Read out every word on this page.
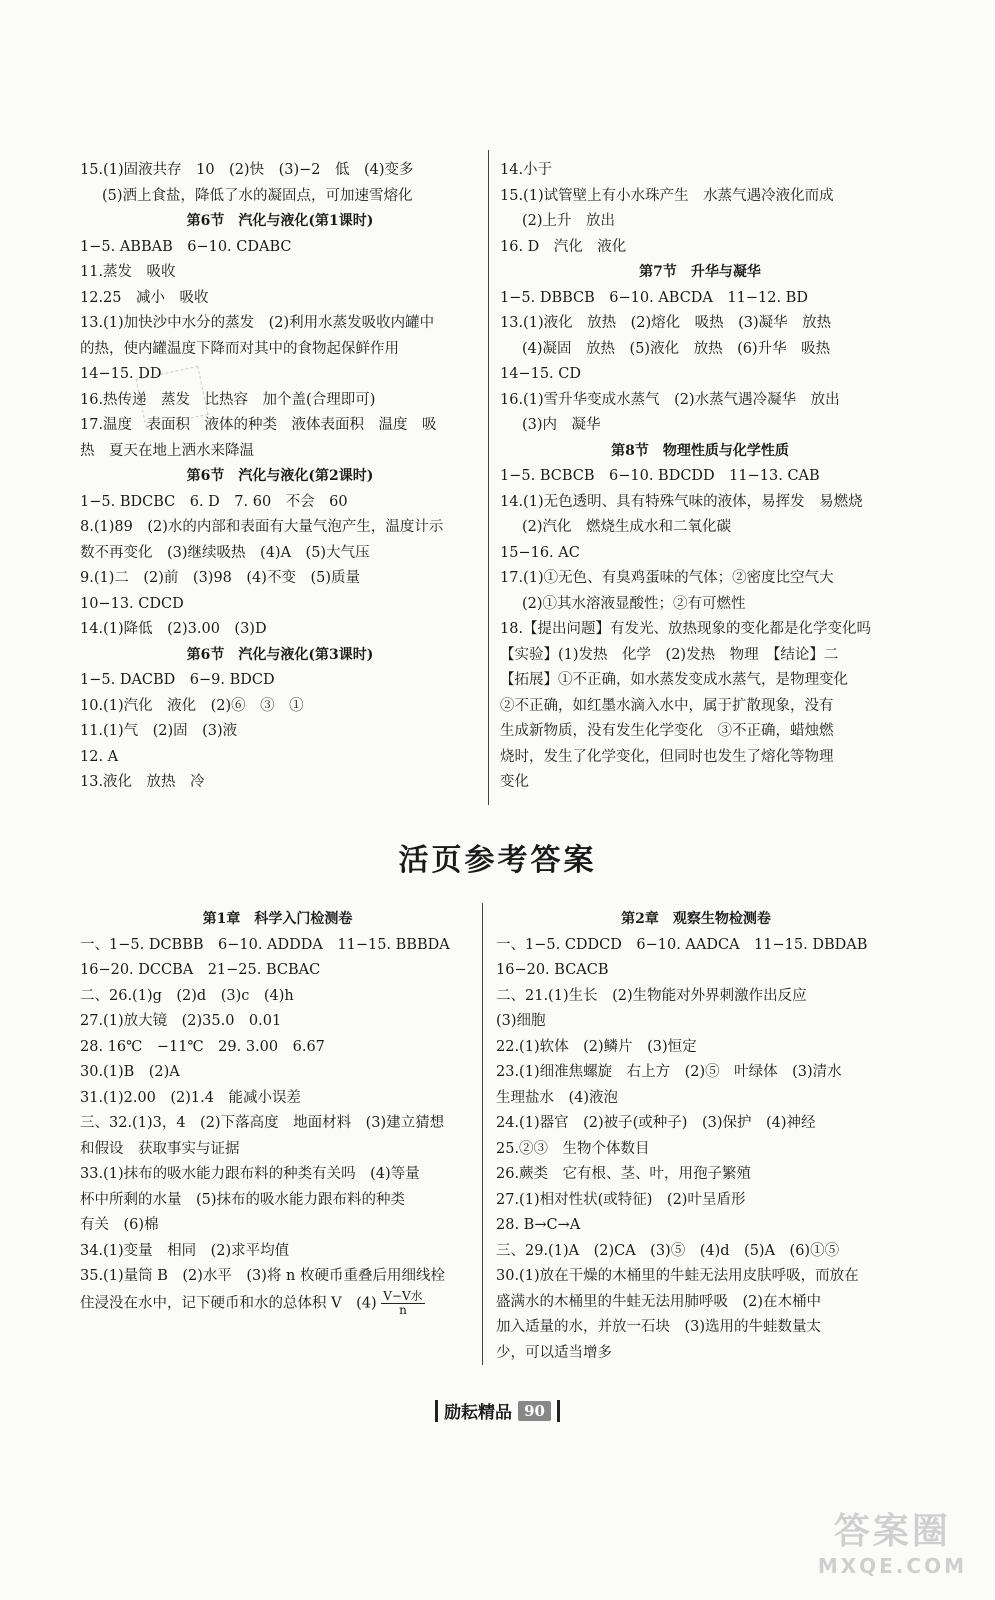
15.(1)固液共存　10　(2)快　(3)−2　低　(4)变多
(5)洒上食盐，降低了水的凝固点，可加速雪熔化
第6节　汽化与液化(第1课时)
1−5. ABBAB　6−10. CDABC
11.蒸发　吸收
12.25　减小　吸收
13.(1)加快沙中水分的蒸发　(2)利用水蒸发吸收内罐中
的热，使内罐温度下降而对其中的食物起保鲜作用
14−15. DD
16.热传递　蒸发　比热容　加个盖(合理即可)
17.温度　表面积　液体的种类　液体表面积　温度　吸
热　夏天在地上洒水来降温
第6节　汽化与液化(第2课时)
1−5. BDCBC　6. D　7. 60　不会　60
8.(1)89　(2)水的内部和表面有大量气泡产生，温度计示
数不再变化　(3)继续吸热　(4)A　(5)大气压
9.(1)二　(2)前　(3)98　(4)不变　(5)质量
10−13. CDCD
14.(1)降低　(2)3.00　(3)D
第6节　汽化与液化(第3课时)
1−5. DACBD　6−9. BDCD
10.(1)汽化　液化　(2)⑥　③　①
11.(1)气　(2)固　(3)液
12. A
13.液化　放热　冷
14.小于
15.(1)试管壁上有小水珠产生　水蒸气遇冷液化而成
(2)上升　放出
16. D　汽化　液化
第7节　升华与凝华
1−5. DBBCB　6−10. ABCDA　11−12. BD
13.(1)液化　放热　(2)熔化　吸热　(3)凝华　放热
(4)凝固　放热　(5)液化　放热　(6)升华　吸热
14−15. CD
16.(1)雪升华变成水蒸气　(2)水蒸气遇冷凝华　放出
(3)内　凝华
第8节　物理性质与化学性质
1−5. BCBCB　6−10. BDCDD　11−13. CAB
14.(1)无色透明、具有特殊气味的液体，易挥发　易燃烧
(2)汽化　燃烧生成水和二氧化碳
15−16. AC
17.(1)①无色、有臭鸡蛋味的气体；②密度比空气大
(2)①其水溶液显酸性；②有可燃性
18.【提出问题】有发光、放热现象的变化都是化学变化吗
【实验】(1)发热　化学　(2)发热　物理　【结论】二
【拓展】①不正确，如水蒸发变成水蒸气，是物理变化
②不正确，如红墨水滴入水中，属于扩散现象，没有
生成新物质，没有发生化学变化　③不正确，蜡烛燃
烧时，发生了化学变化，但同时也发生了熔化等物理
变化
活页参考答案
第1章　科学入门检测卷
一、1−5. DCBBB　6−10. ADDDA　11−15. BBBDA
16−20. DCCBA　21−25. BCBAC
二、26.(1)g　(2)d　(3)c　(4)h
27.(1)放大镜　(2)35.0　0.01
28. 16℃　−11℃　29. 3.00　6.67
30.(1)B　(2)A
31.(1)2.00　(2)1.4　能减小误差
三、32.(1)3，4　(2)下落高度　地面材料　(3)建立猜想
和假设　获取事实与证据
33.(1)抹布的吸水能力跟布料的种类有关吗　(4)等量
杯中所剩的水量　(5)抹布的吸水能力跟布料的种类
有关　(6)棉
34.(1)变量　相同　(2)求平均值
35.(1)量筒 B　(2)水平　(3)将 n 枚硬币重叠后用细线栓
住浸没在水中，记下硬币和水的总体积 V　$(4) \frac{\text{V−V水}}{n}$
第2章　观察生物检测卷
一、1−5. CDDCD　6−10. AADCA　11−15. DBDAB
16−20. BCACB
二、21.(1)生长　(2)生物能对外界刺激作出反应
(3)细胞
22.(1)软体　(2)鳞片　(3)恒定
23.(1)细准焦螺旋　右上方　(2)⑤　叶绿体　(3)清水
生理盐水　(4)液泡
24.(1)器官　(2)被子(或种子)　(3)保护　(4)神经
25.②③　生物个体数目
26.蕨类　它有根、茎、叶，用孢子繁殖
27.(1)相对性状(或特征)　(2)叶呈盾形
28. B→C→A
三、29.(1)A　(2)CA　(3)⑤　(4)d　(5)A　(6)①⑤
30.(1)放在干燥的木桶里的牛蛙无法用皮肤呼吸，而放在
盛满水的木桶里的牛蛙无法用肺呼吸　(2)在木桶中
加入适量的水，并放一石块　(3)选用的牛蛙数量太
少，可以适当增多
励耘精品 90
答案圈
MXQE.COM
